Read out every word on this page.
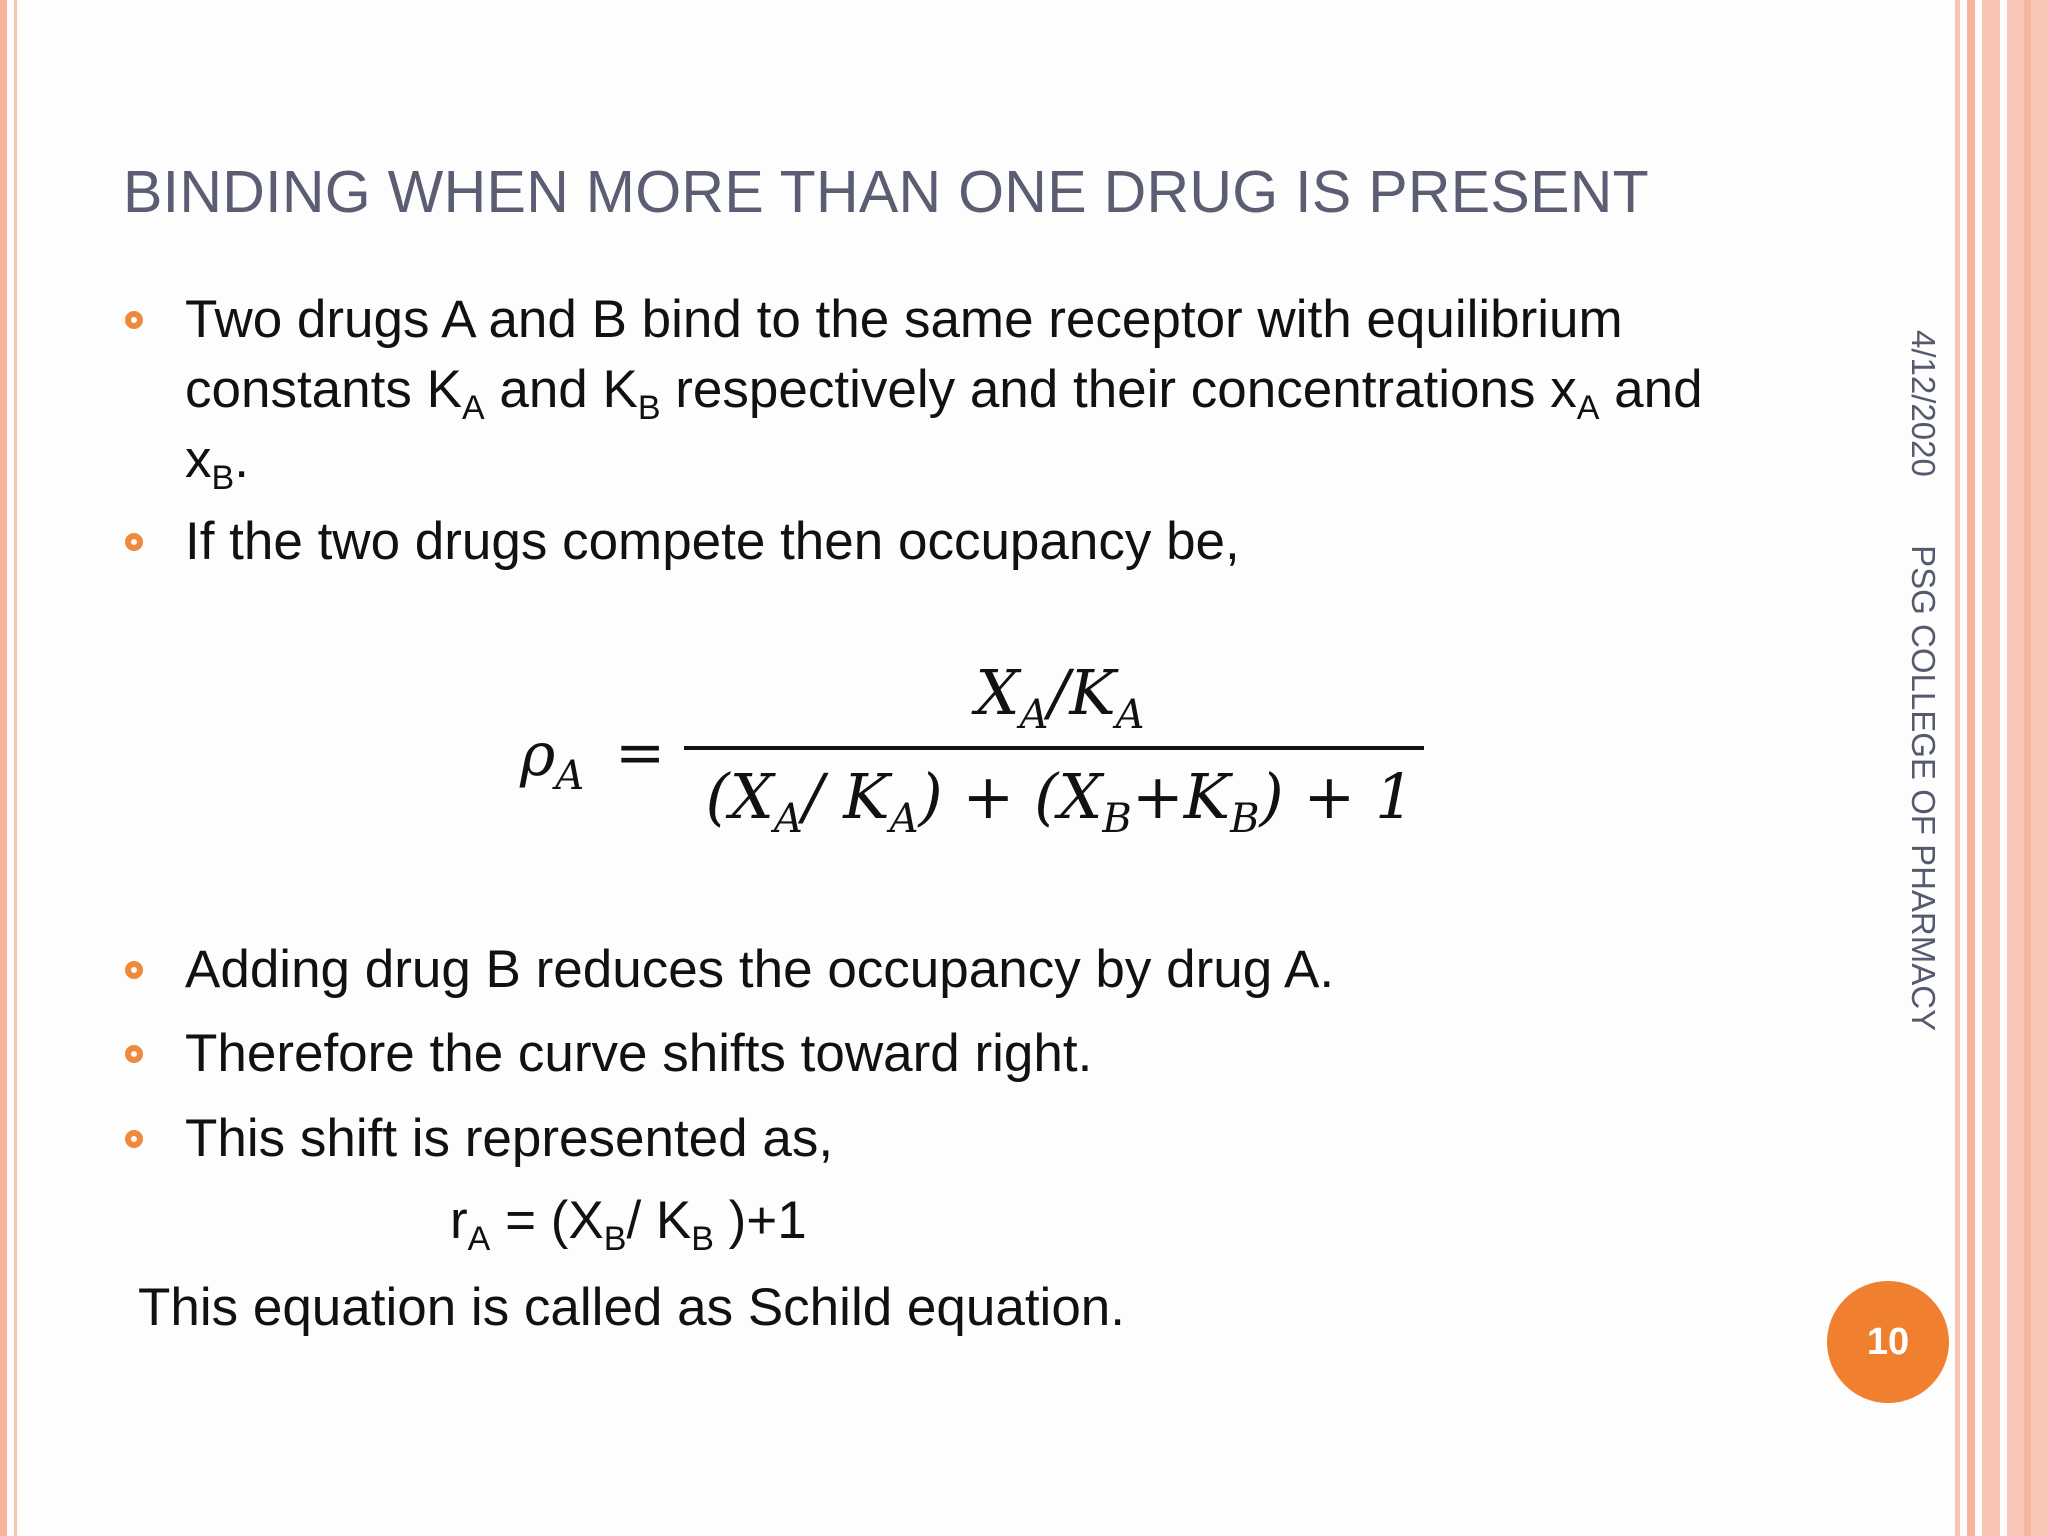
BINDING WHEN MORE THAN ONE DRUG IS PRESENT
Two drugs A and B bind to the same receptor with equilibrium
constants $K_A$ and $K_B$ respectively and their concentrations $x_A$ and
$x_B$.
If the two drugs compete then occupancy be,
$\rho_A$ =
$X_A/K_A$
($X_A/$ $K_A) + (X_B+K_B) + 1$
Adding drug B reduces the occupancy by drug A.
Therefore the curve shifts toward right.
This shift is represented as,
$r_A = (X_B/$ $K_B$ )+1
This equation is called as Schild equation.
4/12/2020  PSG COLLEGE OF PHARMACY
10
